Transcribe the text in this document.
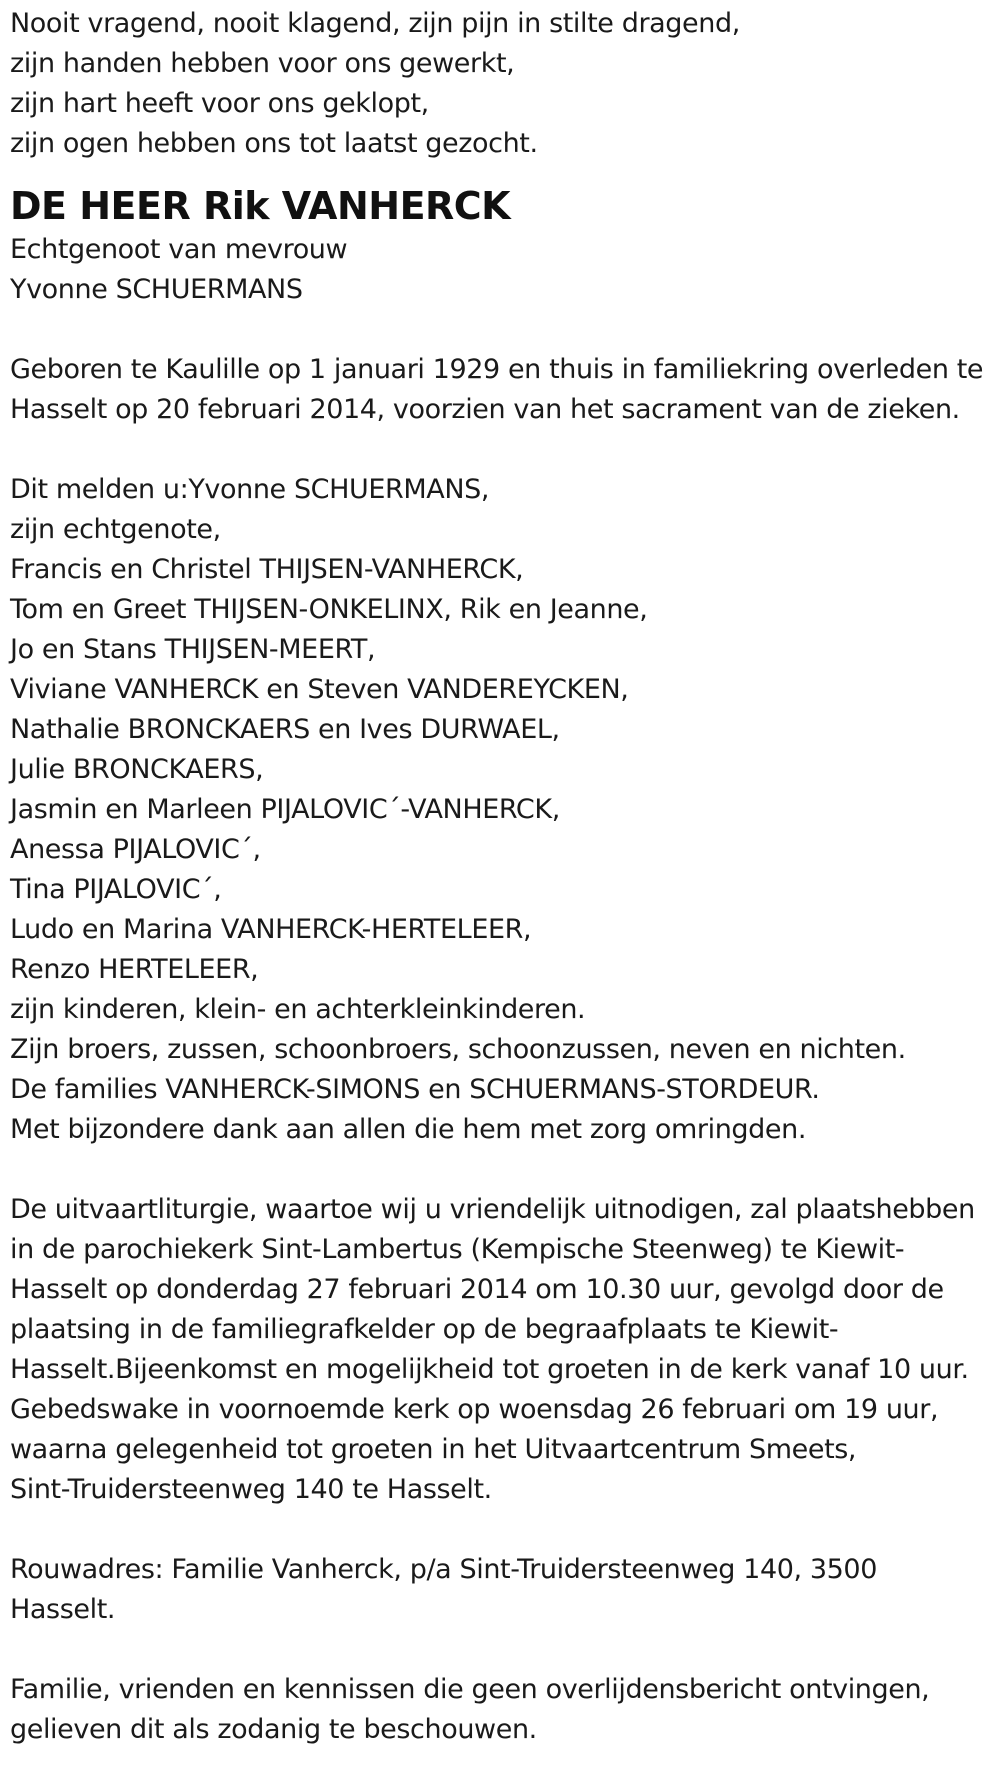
Nooit vragend, nooit klagend, zijn pijn in stilte dragend,
zijn handen hebben voor ons gewerkt,
zijn hart heeft voor ons geklopt,
zijn ogen hebben ons tot laatst gezocht.
DE HEER Rik VANHERCK
Echtgenoot van mevrouw
Yvonne SCHUERMANS
Geboren te Kaulille op 1 januari 1929 en thuis in familiekring overleden te
Hasselt op 20 februari 2014, voorzien van het sacrament van de zieken.
Dit melden u:Yvonne SCHUERMANS,
zijn echtgenote,
Francis en Christel THIJSEN-VANHERCK,
Tom en Greet THIJSEN-ONKELINX, Rik en Jeanne,
Jo en Stans THIJSEN-MEERT,
Viviane VANHERCK en Steven VANDEREYCKEN,
Nathalie BRONCKAERS en Ives DURWAEL,
Julie BRONCKAERS,
Jasmin en Marleen PIJALOVIC´-VANHERCK,
Anessa PIJALOVIC´,
Tina PIJALOVIC´,
Ludo en Marina VANHERCK-HERTELEER,
Renzo HERTELEER,
zijn kinderen, klein- en achterkleinkinderen.
Zijn broers, zussen, schoonbroers, schoonzussen, neven en nichten.
De families VANHERCK-SIMONS en SCHUERMANS-STORDEUR.
Met bijzondere dank aan allen die hem met zorg omringden.
De uitvaartliturgie, waartoe wij u vriendelijk uitnodigen, zal plaatshebben
in de parochiekerk Sint-Lambertus (Kempische Steenweg) te Kiewit-
Hasselt op donderdag 27 februari 2014 om 10.30 uur, gevolgd door de
plaatsing in de familiegrafkelder op de begraafplaats te Kiewit-
Hasselt.Bijeenkomst en mogelijkheid tot groeten in de kerk vanaf 10 uur.
Gebedswake in voornoemde kerk op woensdag 26 februari om 19 uur,
waarna gelegenheid tot groeten in het Uitvaartcentrum Smeets,
Sint-Truidersteenweg 140 te Hasselt.
Rouwadres: Familie Vanherck, p/a Sint-Truidersteenweg 140, 3500
Hasselt.
Familie, vrienden en kennissen die geen overlijdensbericht ontvingen,
gelieven dit als zodanig te beschouwen.
